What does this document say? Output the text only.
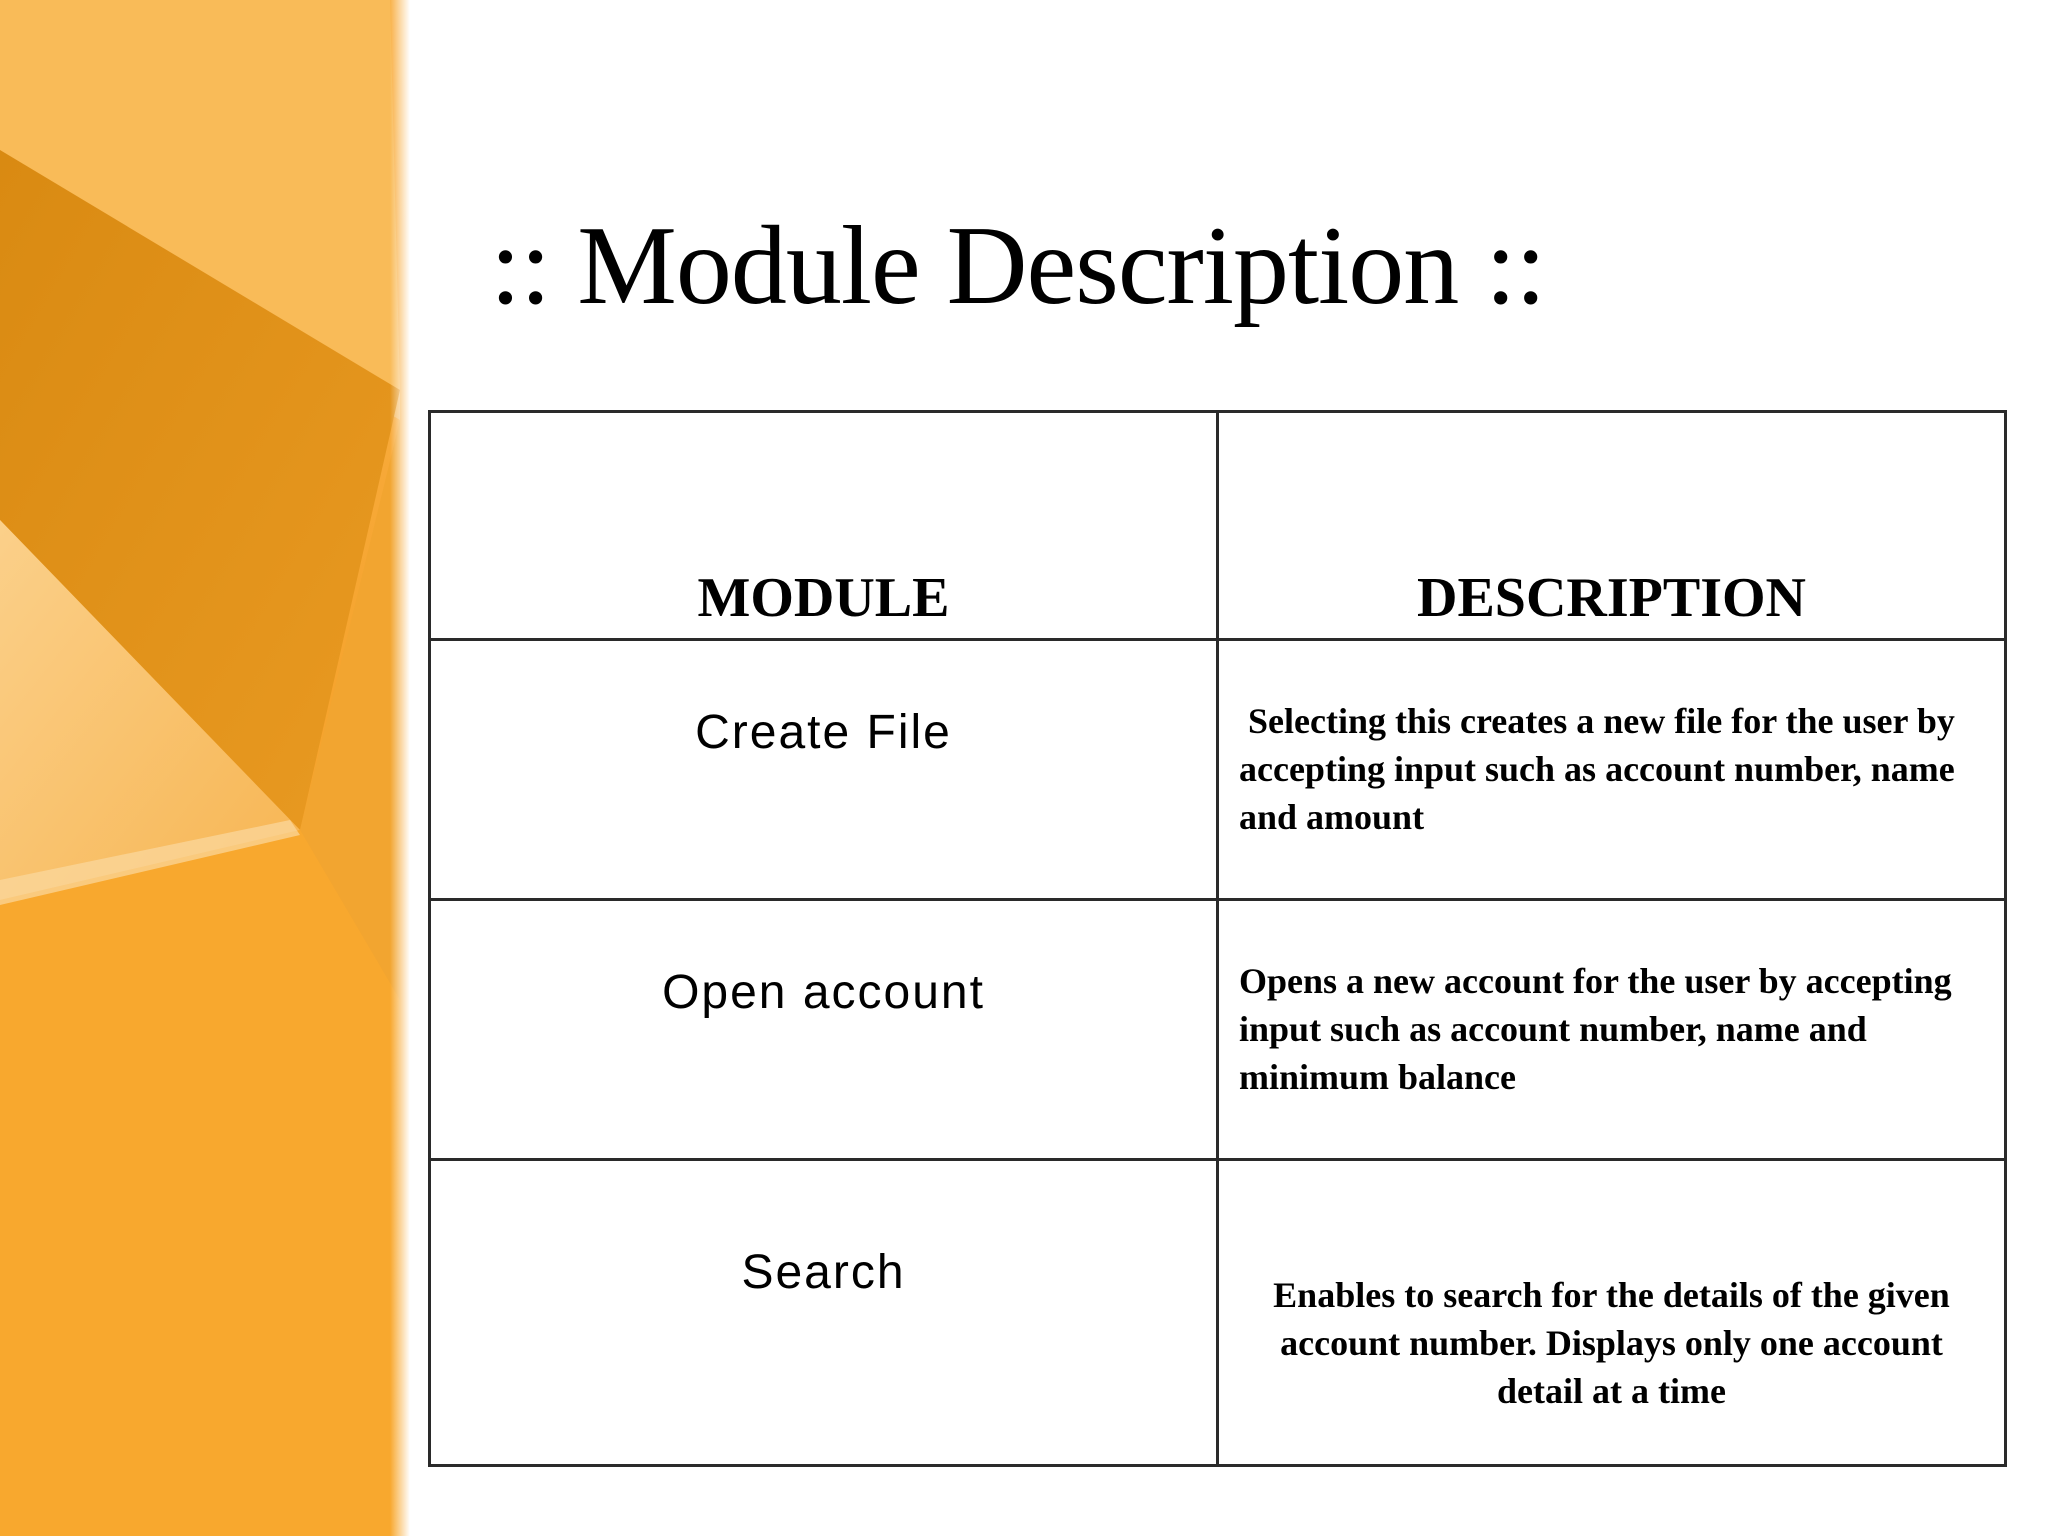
:: Module Description ::
MODULE	DESCRIPTION
Create File	Selecting this creates a new file for the user by accepting input such as account number, name and amount
Open account	Opens a new account for the user by accepting input such as account number, name and minimum balance
Search	Enables to search for the details of the given account number. Displays only one account detail at a time
